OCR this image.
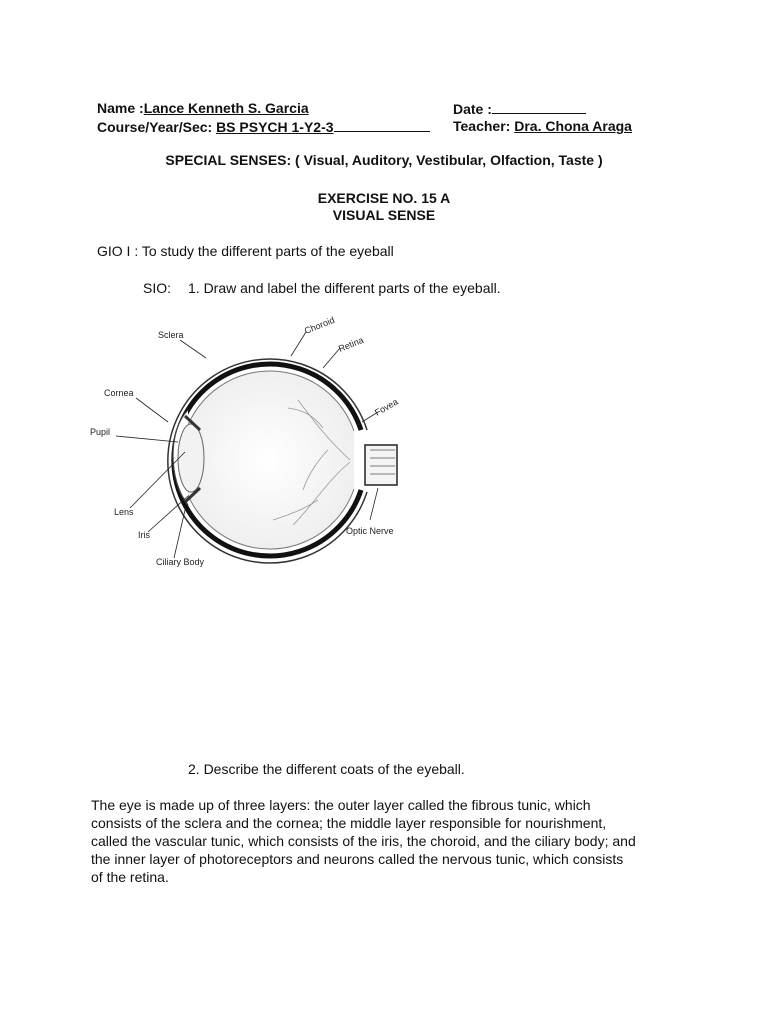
Name :Lance Kenneth S. Garcia	Date :
Course/Year/Sec: BS PSYCH 1-Y2-3	Teacher: Dra. Chona Araga
SPECIAL SENSES: ( Visual, Auditory, Vestibular, Olfaction, Taste )
EXERCISE NO. 15 A
VISUAL SENSE
GIO I : To study the different parts of the eyeball
SIO: 1. Draw and label the different parts of the eyeball.
Sclera	Choroid
Retina
Cornea
Fovea
Pupil
Lens
Iris
Ciliary Body
Optic Nerve
2. Describe the different coats of the eyeball.
The eye is made up of three layers: the outer layer called the fibrous tunic, which
consists of the sclera and the cornea; the middle layer responsible for nourishment,
called the vascular tunic, which consists of the iris, the choroid, and the ciliary body; and
the inner layer of photoreceptors and neurons called the nervous tunic, which consists
of the retina.
